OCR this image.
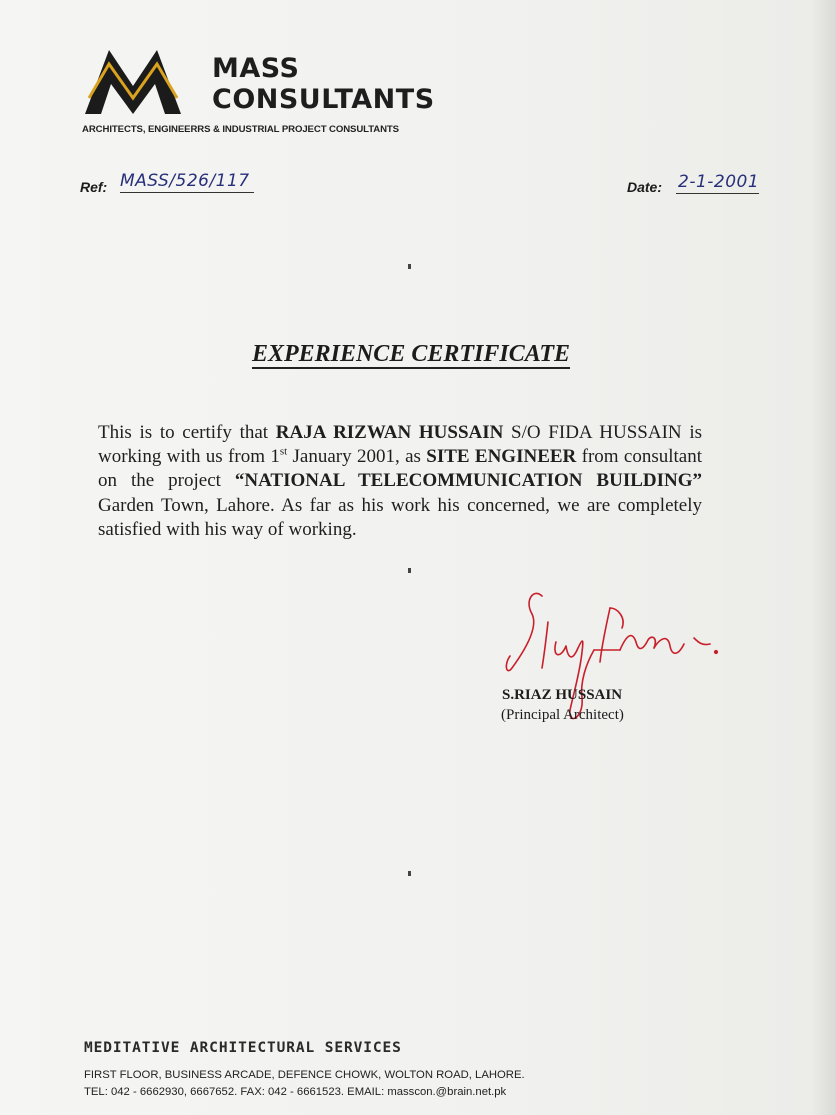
MASS
CONSULTANTS
ARCHITECTS, ENGINEERRS & INDUSTRIAL PROJECT CONSULTANTS
Ref: MASS/526/117	Date: 2-1-2001
EXPERIENCE CERTIFICATE
This is to certify that RAJA RIZWAN HUSSAIN S/O FIDA HUSSAIN is working with us from 1st January 2001, as SITE ENGINEER from consultant on the project “NATIONAL TELECOMMUNICATION BUILDING” Garden Town, Lahore. As far as his work his concerned, we are completely satisfied with his way of working.
S.RIAZ HUSSAIN
(Principal Architect)
MEDITATIVE ARCHITECTURAL SERVICES
FIRST FLOOR, BUSINESS ARCADE, DEFENCE CHOWK, WOLTON ROAD, LAHORE.
TEL: 042 - 6662930, 6667652. FAX: 042 - 6661523. EMAIL: masscon.@brain.net.pk
